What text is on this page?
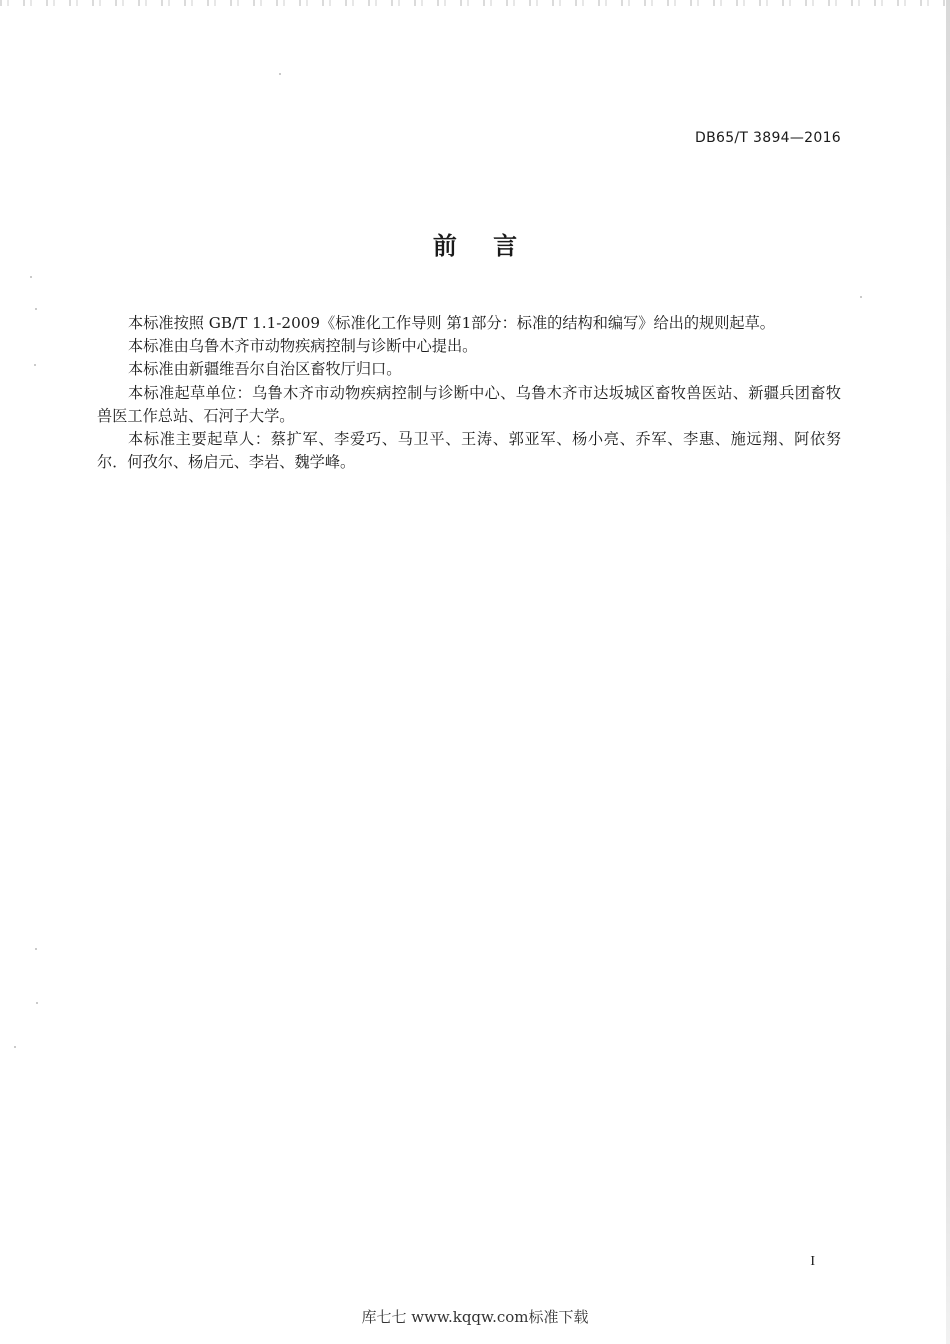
DB65/T 3894—2016
前 言

本标准按照 GB/T 1.1-2009《标准化工作导则 第1部分：标准的结构和编写》给出的规则起草。

本标准由乌鲁木齐市动物疾病控制与诊断中心提出。

本标准由新疆维吾尔自治区畜牧厅归口。

本标准起草单位：乌鲁木齐市动物疾病控制与诊断中心、乌鲁木齐市达坂城区畜牧兽医站、新疆兵团畜牧兽医工作总站、石河子大学。

本标准主要起草人：蔡扩军、李爱巧、马卫平、王涛、郭亚军、杨小亮、乔军、李惠、施远翔、阿依努尔．何孜尔、杨启元、李岩、魏学峰。

I
库七七 www.kqqw.com标准下载
